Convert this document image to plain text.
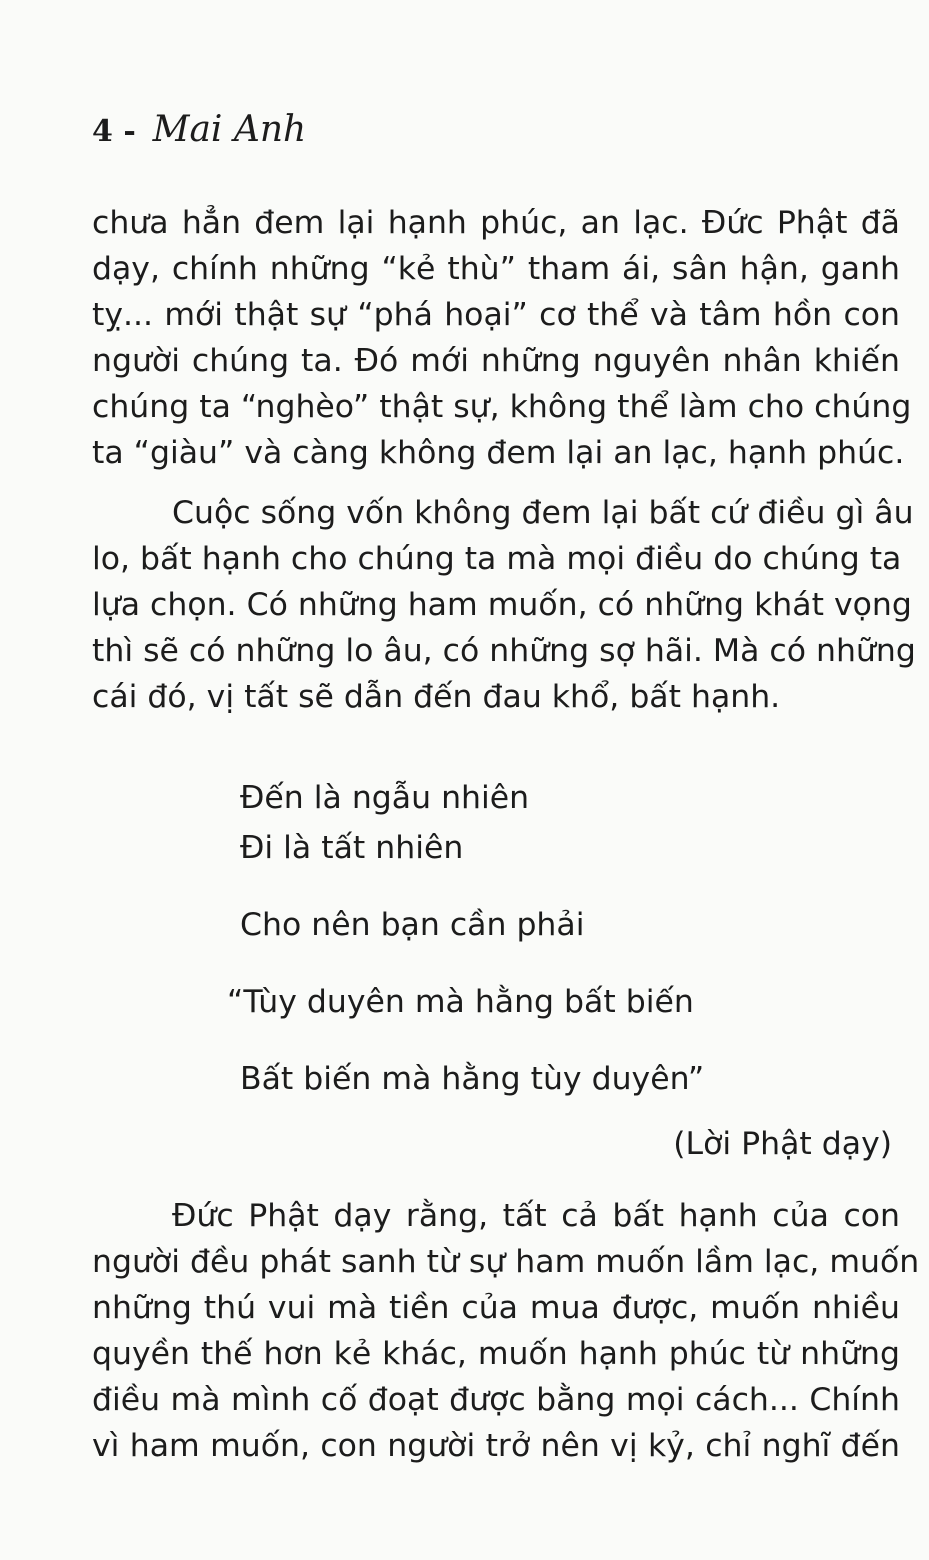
4 - Mai Anh

chưa hẳn đem lại hạnh phúc, an lạc. Đức Phật đã
dạy, chính những “kẻ thù” tham ái, sân hận, ganh
tỵ... mới thật sự “phá hoại” cơ thể và tâm hồn con
người chúng ta. Đó mới những nguyên nhân khiến
chúng ta “nghèo” thật sự, không thể làm cho chúng
ta “giàu” và càng không đem lại an lạc, hạnh phúc.

Cuộc sống vốn không đem lại bất cứ điều gì âu
lo, bất hạnh cho chúng ta mà mọi điều do chúng ta
lựa chọn. Có những ham muốn, có những khát vọng
thì sẽ có những lo âu, có những sợ hãi. Mà có những
cái đó, vị tất sẽ dẫn đến đau khổ, bất hạnh.

Đến là ngẫu nhiên
Đi là tất nhiên
Cho nên bạn cần phải
“Tùy duyên mà hằng bất biến
Bất biến mà hằng tùy duyên”
(Lời Phật dạy)

Đức Phật dạy rằng, tất cả bất hạnh của con
người đều phát sanh từ sự ham muốn lầm lạc, muốn
những thú vui mà tiền của mua được, muốn nhiều
quyền thế hơn kẻ khác, muốn hạnh phúc từ những
điều mà mình cố đoạt được bằng mọi cách... Chính
vì ham muốn, con người trở nên vị kỷ, chỉ nghĩ đến
